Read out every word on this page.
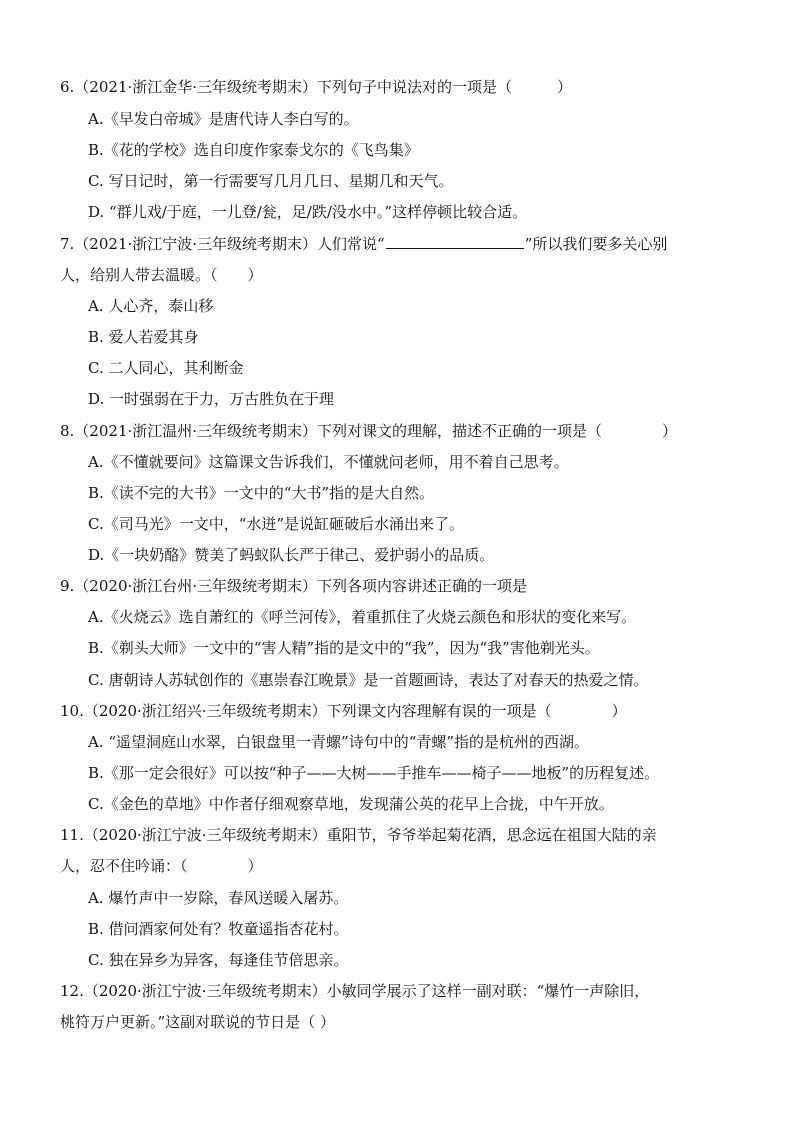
6.（2021·浙江金华·三年级统考期末）下列句子中说法对的一项是（　　　）
A.《早发白帝城》是唐代诗人李白写的。
B.《花的学校》选自印度作家泰戈尔的《飞鸟集》
C. 写日记时，第一行需要写几月几日、星期几和天气。
D. “群儿戏/于庭，一儿登/瓮，足/跌/没水中。”这样停顿比较合适。
7.（2021·浙江宁波·三年级统考期末）人们常说“	”所以我们要多关心别
人，给别人带去温暖。（　　）
A. 人心齐，泰山移
B. 爱人若爱其身
C. 二人同心，其利断金
D. 一时强弱在于力，万古胜负在于理
8.（2021·浙江温州·三年级统考期末）下列对课文的理解，描述不正确的一项是（　　　　）
A.《不懂就要问》这篇课文告诉我们，不懂就问老师，用不着自己思考。
B.《读不完的大书》一文中的“大书”指的是大自然。
C.《司马光》一文中，“水迸”是说缸砸破后水涌出来了。
D.《一块奶酪》赞美了蚂蚁队长严于律己、爱护弱小的品质。
9.（2020·浙江台州·三年级统考期末）下列各项内容讲述正确的一项是
A.《火烧云》选自萧红的《呼兰河传》，着重抓住了火烧云颜色和形状的变化来写。
B.《剃头大师》一文中的“害人精”指的是文中的“我”，因为“我”害他剃光头。
C. 唐朝诗人苏轼创作的《惠崇春江晚景》是一首题画诗，表达了对春天的热爱之情。
10.（2020·浙江绍兴·三年级统考期末）下列课文内容理解有误的一项是（　　　　）
A. “遥望洞庭山水翠，白银盘里一青螺”诗句中的“青螺”指的是杭州的西湖。
B.《那一定会很好》可以按“种子——大树——手推车——椅子——地板”的历程复述。
C.《金色的草地》中作者仔细观察草地，发现蒲公英的花早上合拢，中午开放。
11.（2020·浙江宁波·三年级统考期末）重阳节，爷爷举起菊花酒，思念远在祖国大陆的亲
人，忍不住吟诵：（　　　　）
A. 爆竹声中一岁除，春风送暖入屠苏。
B. 借问酒家何处有？牧童遥指杏花村。
C. 独在异乡为异客，每逢佳节倍思亲。
12.（2020·浙江宁波·三年级统考期末）小敏同学展示了这样一副对联：“爆竹一声除旧，
桃符万户更新。”这副对联说的节日是（ ）
